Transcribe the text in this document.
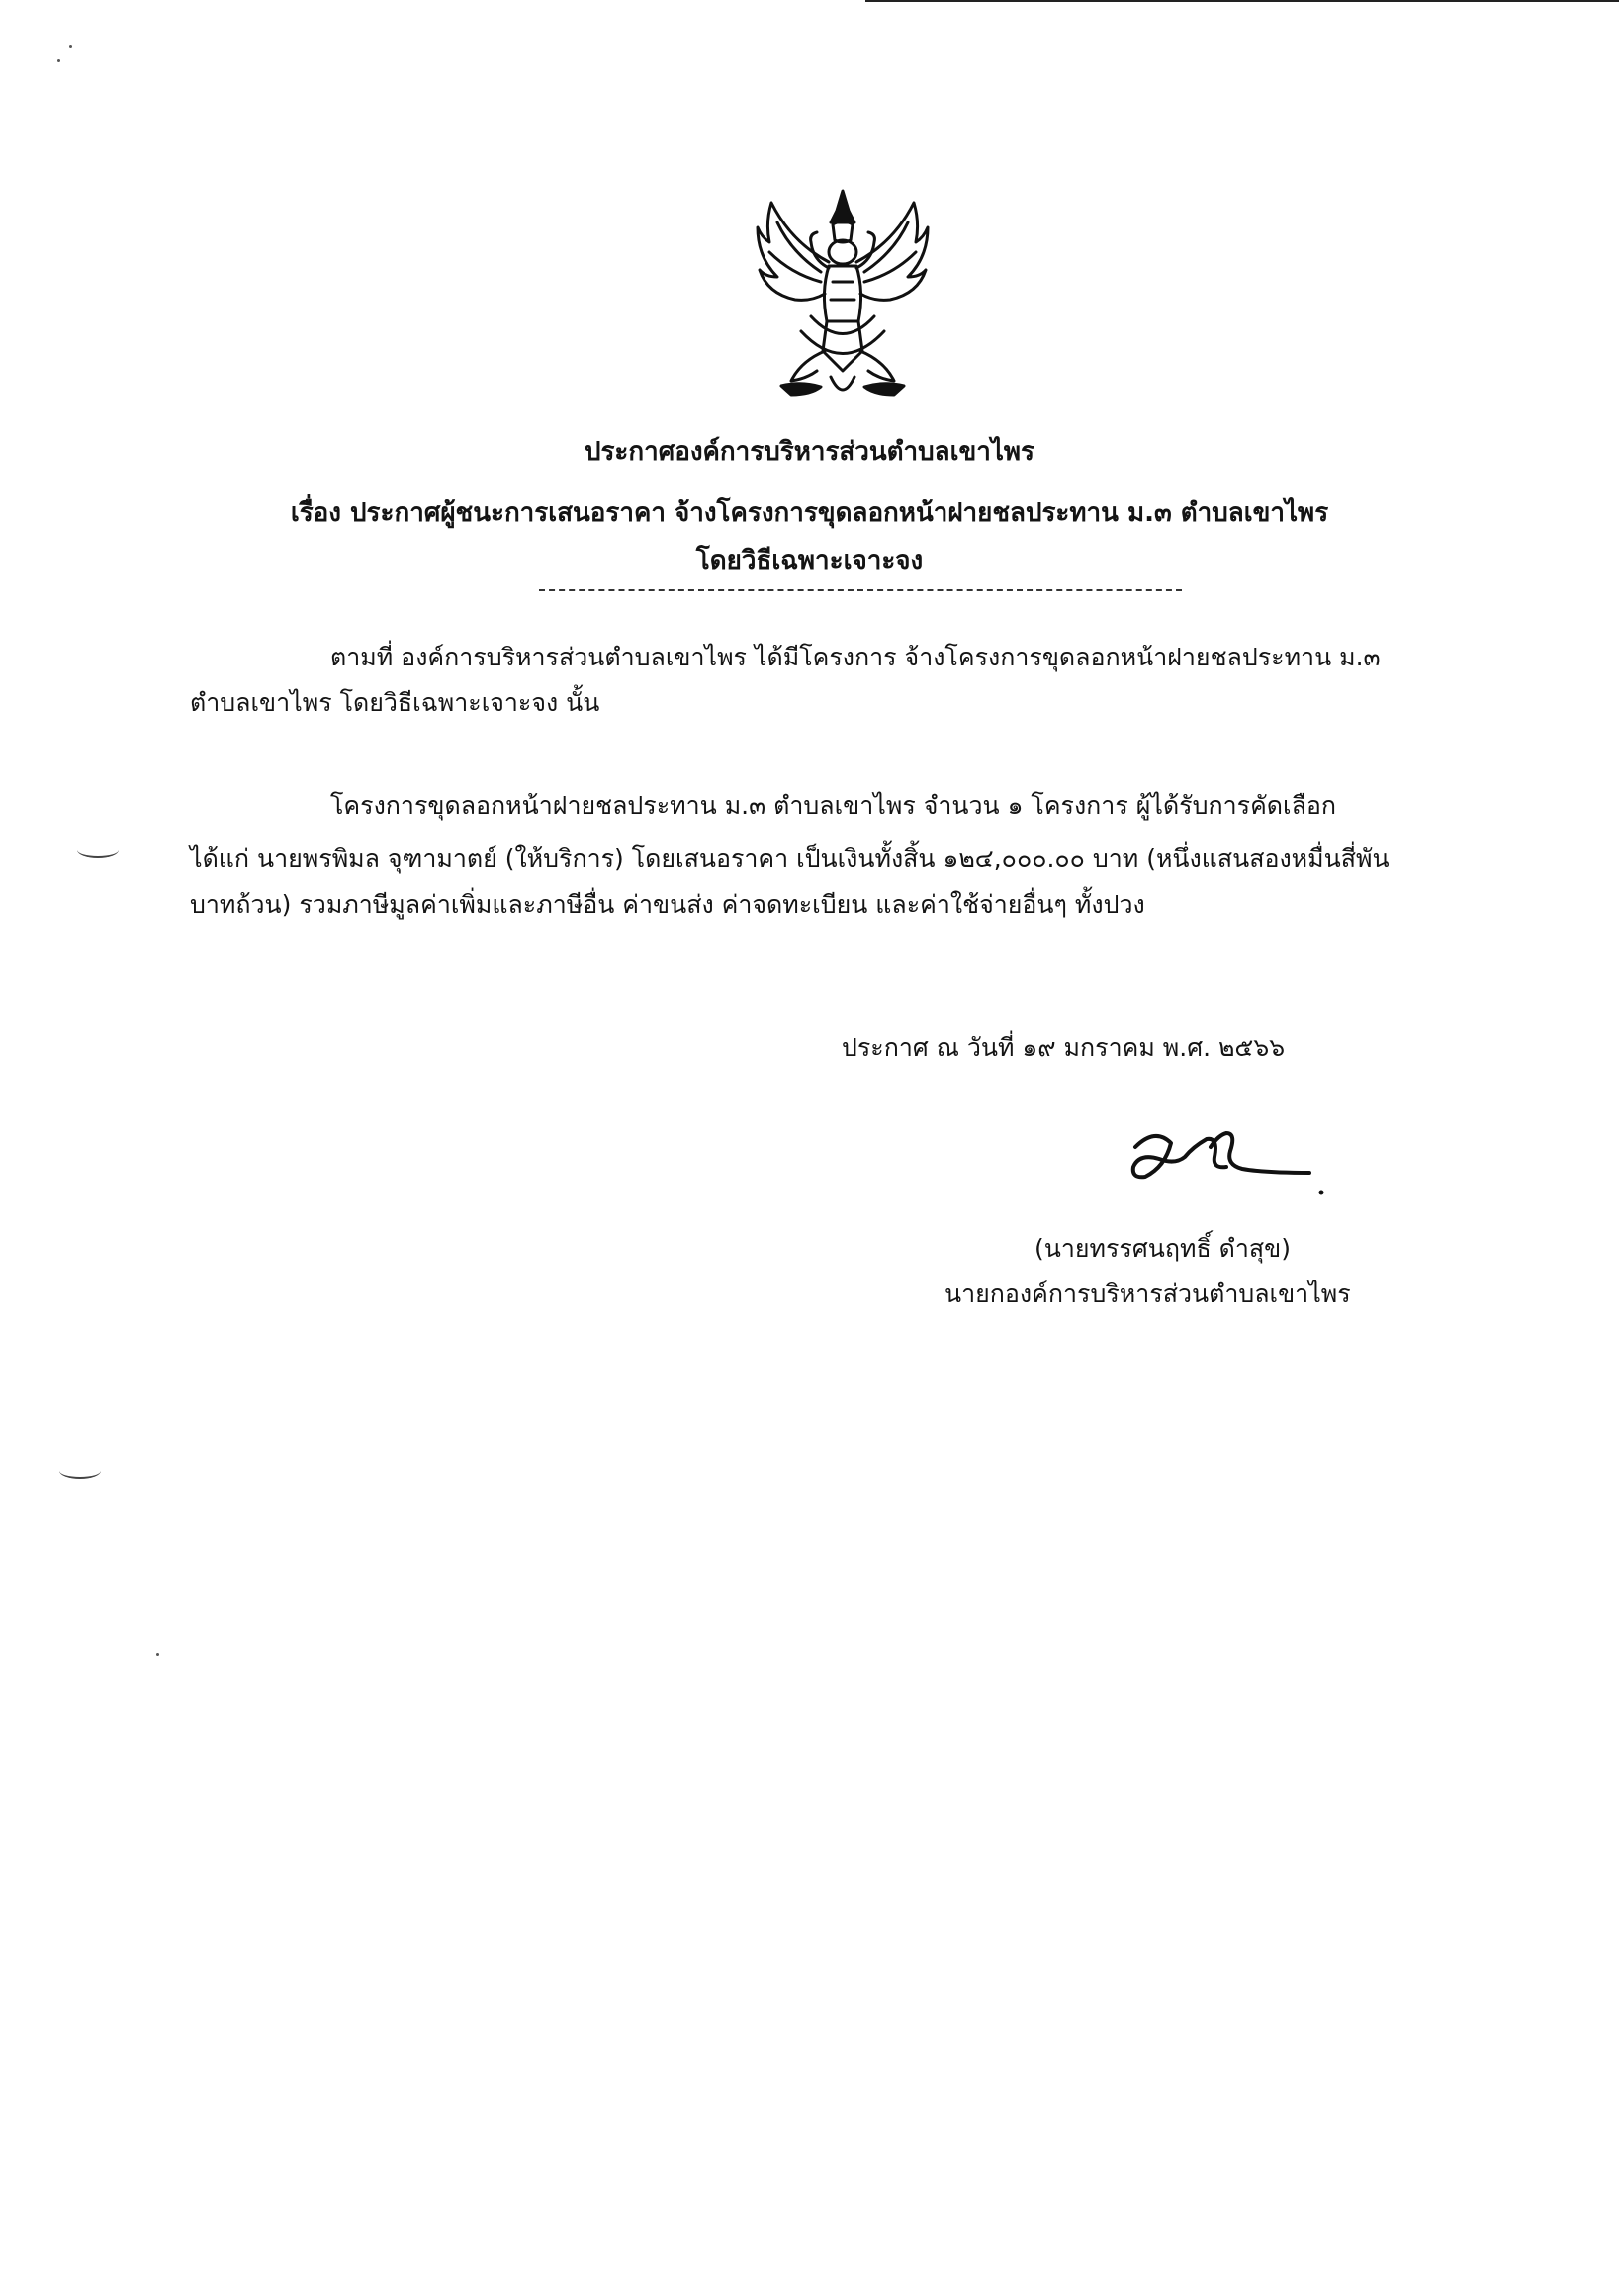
ประกาศองค์การบริหารส่วนตำบลเขาไพร
เรื่อง ประกาศผู้ชนะการเสนอราคา จ้างโครงการขุดลอกหน้าฝายชลประทาน ม.๓ ตำบลเขาไพร
โดยวิธีเฉพาะเจาะจง
ตามที่ องค์การบริหารส่วนตำบลเขาไพร ได้มีโครงการ จ้างโครงการขุดลอกหน้าฝายชลประทาน ม.๓
ตำบลเขาไพร โดยวิธีเฉพาะเจาะจง นั้น
โครงการขุดลอกหน้าฝายชลประทาน ม.๓ ตำบลเขาไพร จำนวน ๑ โครงการ ผู้ได้รับการคัดเลือก
ได้แก่ นายพรพิมล จุฑามาตย์ (ให้บริการ) โดยเสนอราคา เป็นเงินทั้งสิ้น ๑๒๔,๐๐๐.๐๐ บาท (หนึ่งแสนสองหมื่นสี่พัน
บาทถ้วน) รวมภาษีมูลค่าเพิ่มและภาษีอื่น ค่าขนส่ง ค่าจดทะเบียน และค่าใช้จ่ายอื่นๆ ทั้งปวง
ประกาศ ณ วันที่ ๑๙ มกราคม พ.ศ. ๒๕๖๖
(นายทรรศนฤทธิ์ ดำสุข)
นายกองค์การบริหารส่วนตำบลเขาไพร
